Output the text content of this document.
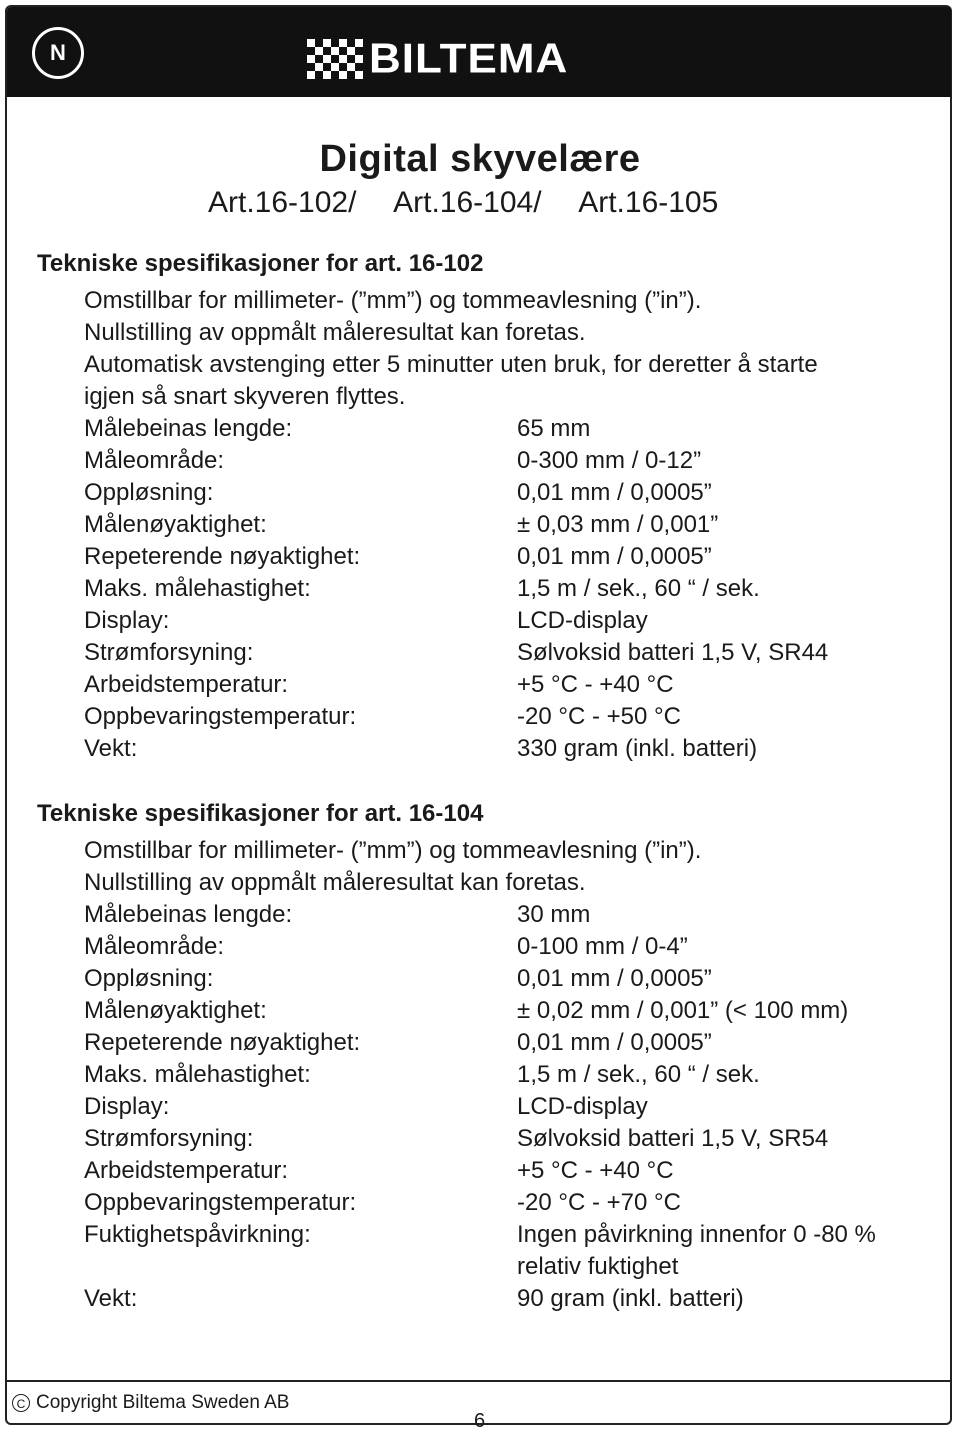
N	BILTEMA
Digital skyvelære
Art.16-102/ Art.16-104/ Art.16-105
Tekniske spesifikasjoner for art. 16-102
Omstillbar for millimeter- (”mm”) og tommeavlesning (”in”).
Nullstilling av oppmålt måleresultat kan foretas.
Automatisk avstenging etter 5 minutter uten bruk, for deretter å starte
igjen så snart skyveren flyttes.
Målebeinas lengde:	65 mm
Måleområde:	0-300 mm / 0-12”
Oppløsning:	0,01 mm / 0,0005”
Målenøyaktighet:	± 0,03 mm / 0,001”
Repeterende nøyaktighet:	0,01 mm / 0,0005”
Maks. målehastighet:	1,5 m / sek., 60 “ / sek.
Display:	LCD-display
Strømforsyning:	Sølvoksid batteri 1,5 V, SR44
Arbeidstemperatur:	+5 °C - +40 °C
Oppbevaringstemperatur:	-20 °C - +50 °C
Vekt:	330 gram (inkl. batteri)
Tekniske spesifikasjoner for art. 16-104
Omstillbar for millimeter- (”mm”) og tommeavlesning (”in”).
Nullstilling av oppmålt måleresultat kan foretas.
Målebeinas lengde:	30 mm
Måleområde:	0-100 mm / 0-4”
Oppløsning:	0,01 mm / 0,0005”
Målenøyaktighet:	± 0,02 mm / 0,001” (< 100 mm)
Repeterende nøyaktighet:	0,01 mm / 0,0005”
Maks. målehastighet:	1,5 m / sek., 60 “ / sek.
Display:	LCD-display
Strømforsyning:	Sølvoksid batteri 1,5 V, SR54
Arbeidstemperatur:	+5 °C - +40 °C
Oppbevaringstemperatur:	-20 °C - +70 °C
Fuktighetspåvirkning:	Ingen påvirkning innenfor 0 -80 %
relativ fuktighet
Vekt:	90 gram (inkl. batteri)
C Copyright Biltema Sweden AB
6
